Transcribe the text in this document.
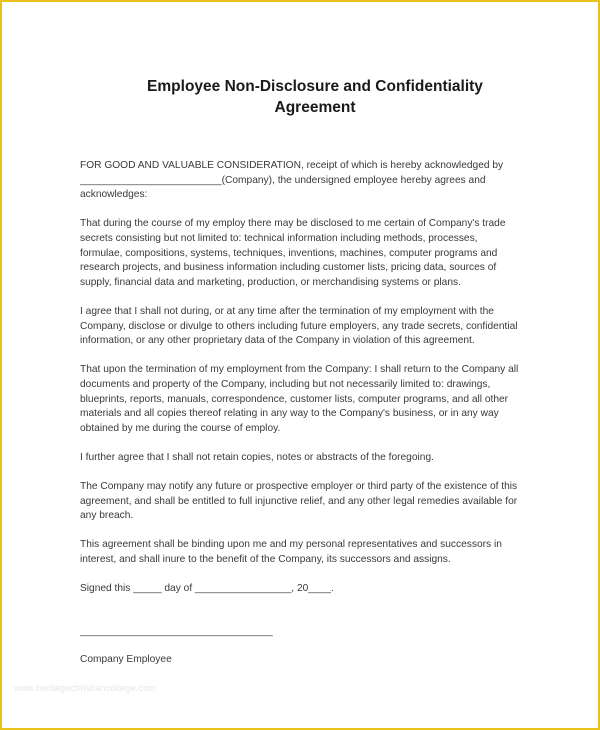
Employee Non-Disclosure and Confidentiality
Agreement
FOR GOOD AND VALUABLE CONSIDERATION, receipt of which is hereby acknowledged by
_________________________(Company), the undersigned employee hereby agrees and
acknowledges:
That during the course of my employ there may be disclosed to me certain of Company's trade
secrets consisting but not limited to: technical information including methods, processes,
formulae, compositions, systems, techniques, inventions, machines, computer programs and
research projects, and business information including customer lists, pricing data, sources of
supply, financial data and marketing, production, or merchandising systems or plans.
I agree that I shall not during, or at any time after the termination of my employment with the
Company, disclose or divulge to others including future employers, any trade secrets, confidential
information, or any other proprietary data of the Company in violation of this agreement.
That upon the termination of my employment from the Company: I shall return to the Company all
documents and property of the Company, including but not necessarily limited to: drawings,
blueprints, reports, manuals, correspondence, customer lists, computer programs, and all other
materials and all copies thereof relating in any way to the Company's business, or in any way
obtained by me during the course of employ.
I further agree that I shall not retain copies, notes or abstracts of the foregoing.
The Company may notify any future or prospective employer or third party of the existence of this
agreement, and shall be entitled to full injunctive relief, and any other legal remedies available for
any breach.
This agreement shall be binding upon me and my personal representatives and successors in
interest, and shall inure to the benefit of the Company, its successors and assigns.
Signed this _____ day of _________________, 20____.
__________________________________
Company Employee
www.heritagechristiancollege.com
